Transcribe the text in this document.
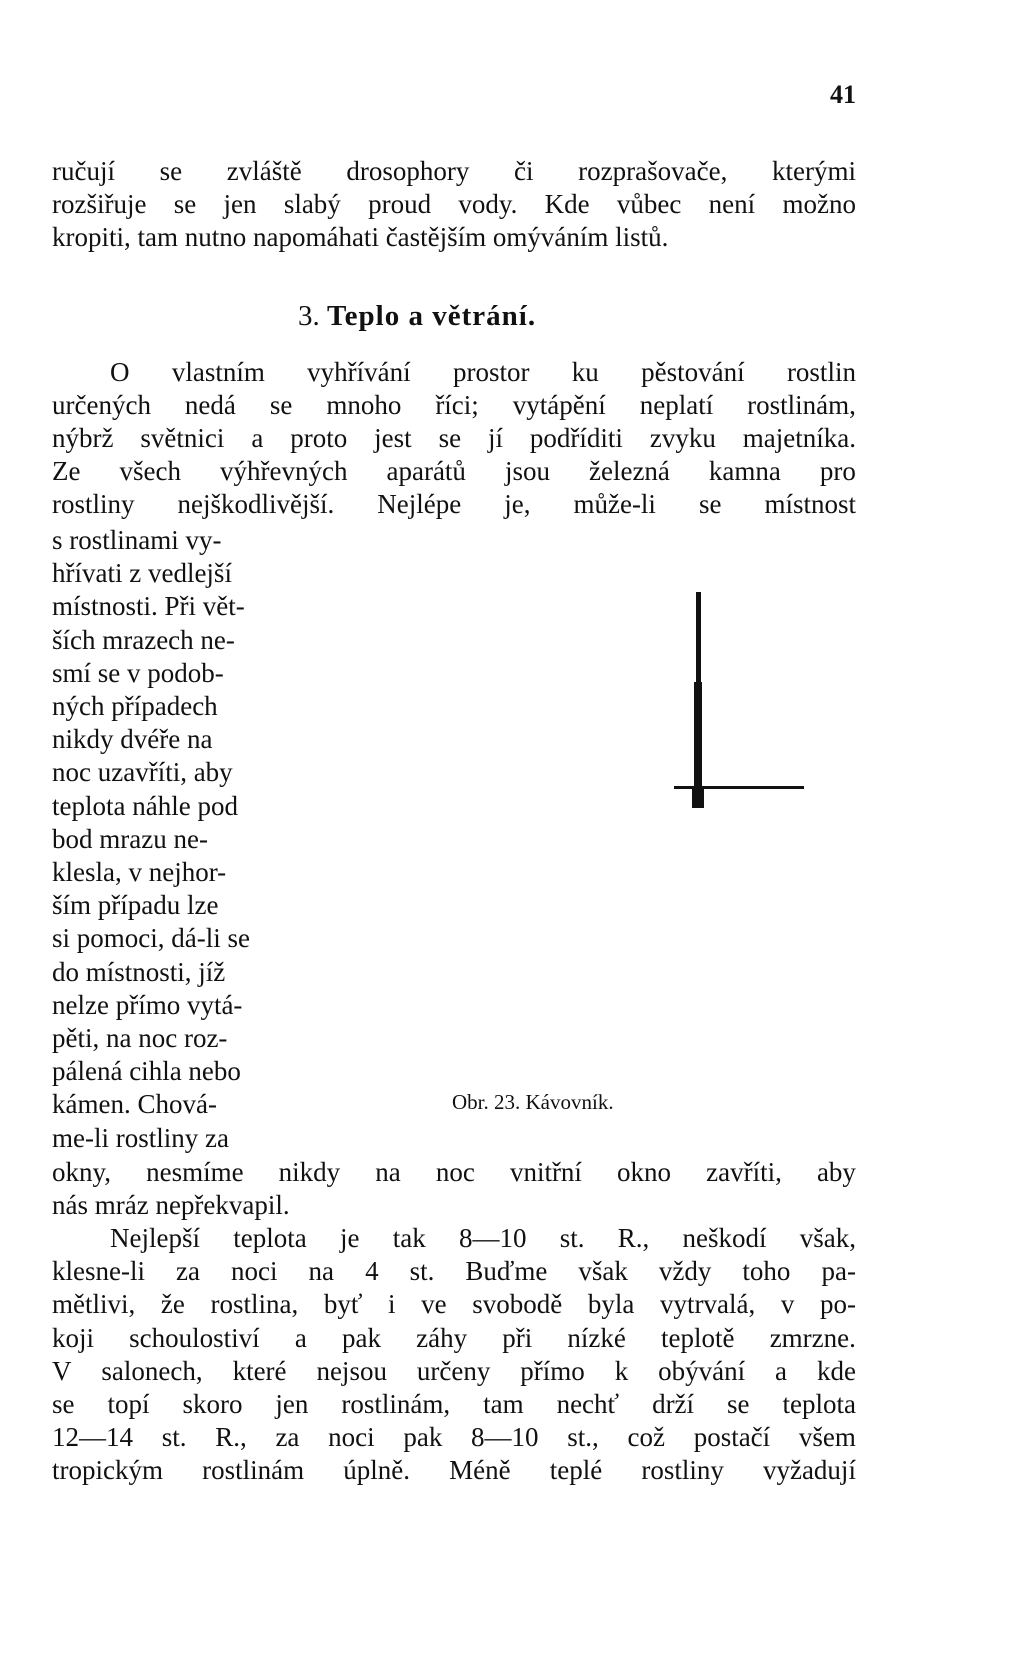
41
ručují se zvláště drosophory či rozprašovače, kterými
rozšiřuje se jen slabý proud vody. Kde vůbec není možno
kropiti, tam nutno napomáhati častějším omýváním listů.
3. Teplo a větrání.
O vlastním vyhřívání prostor ku pěstování rostlin
určených nedá se mnoho říci; vytápění neplatí rostlinám,
nýbrž světnici a proto jest se jí podříditi zvyku majetníka.
Ze všech výhřevných aparátů jsou železná kamna pro
rostliny nejškodlivější. Nejlépe je, může-li se místnost
s rostlinami vy-
hřívati z vedlejší
místnosti. Při vět-
ších mrazech ne-
smí se v podob-
ných případech
nikdy dvéře na
noc uzavříti, aby
teplota náhle pod
bod mrazu ne-
klesla, v nejhor-
ším případu lze
si pomoci, dá-li se
do místnosti, jíž
nelze přímo vytá-
pěti, na noc roz-
pálená cihla nebo
kámen. Chová-
me-li rostliny za
okny, nesmíme nikdy na noc vnitřní okno zavříti, aby
nás mráz nepřekvapil.
Nejlepší teplota je tak 8—10 st. R., neškodí však,
klesne-li za noci na 4 st. Buďme však vždy toho pa-
mětlivi, že rostlina, byť i ve svobodě byla vytrvalá, v po-
koji schoulostiví a pak záhy při nízké teplotě zmrzne.
V salonech, které nejsou určeny přímo k obývání a kde
se topí skoro jen rostlinám, tam nechť drží se teplota
12—14 st. R., za noci pak 8—10 st., což postačí všem
tropickým rostlinám úplně. Méně teplé rostliny vyžadují
Obr. 23. Kávovník.
